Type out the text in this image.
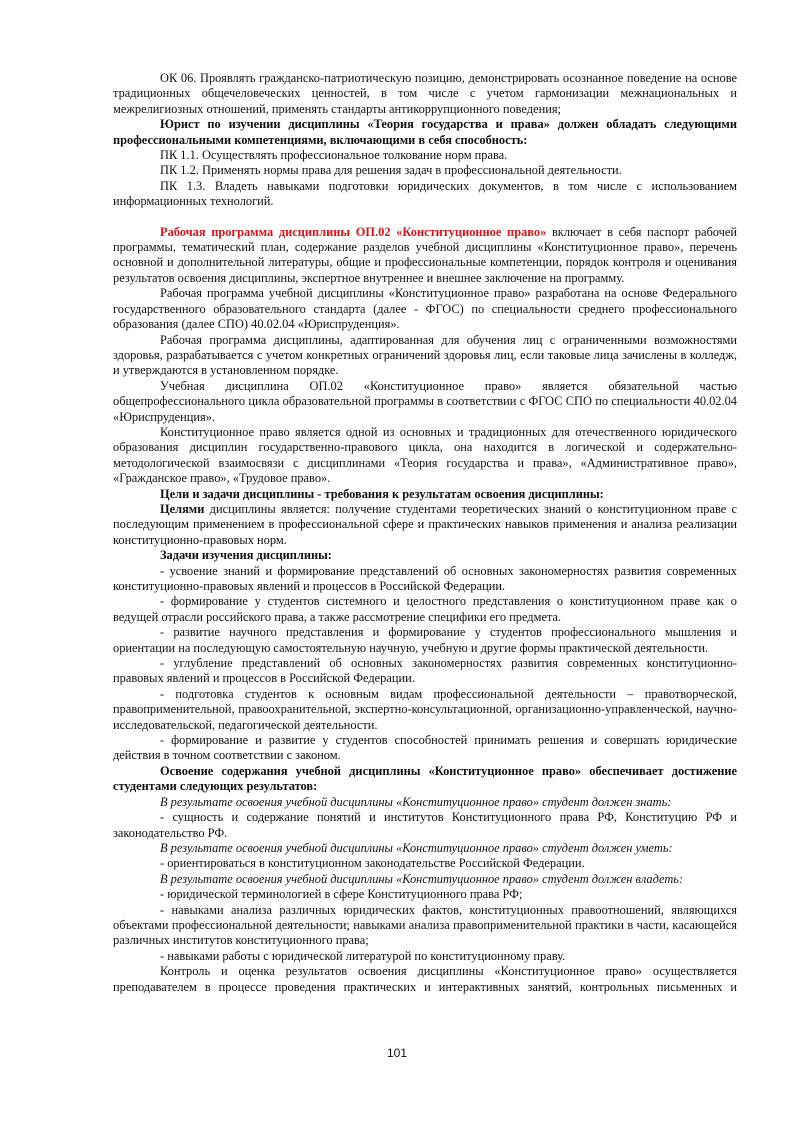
ОК 06. Проявлять гражданско-патриотическую позицию, демонстрировать осознанное поведение на основе традиционных общечеловеческих ценностей, в том числе с учетом гармонизации межнациональных и межрелигиозных отношений, применять стандарты антикоррупционного поведения;

Юрист по изучении дисциплины «Теория государства и права» должен обладать следующими профессиональными компетенциями, включающими в себя способность:

ПК 1.1. Осуществлять профессиональное толкование норм права.

ПК 1.2. Применять нормы права для решения задач в профессиональной деятельности.

ПК 1.3. Владеть навыками подготовки юридических документов, в том числе с использованием информационных технологий.

Рабочая программа дисциплины ОП.02 «Конституционное право» включает в себя паспорт рабочей программы, тематический план, содержание разделов учебной дисциплины «Конституционное право», перечень основной и дополнительной литературы, общие и профессиональные компетенции, порядок контроля и оценивания результатов освоения дисциплины, экспертное внутреннее и внешнее заключение на программу.

Рабочая программа учебной дисциплины «Конституционное право» разработана на основе Федерального государственного образовательного стандарта (далее - ФГОС) по специальности среднего профессионального образования (далее СПО) 40.02.04 «Юриспруденция».

Рабочая программа дисциплины, адаптированная для обучения лиц с ограниченными возможностями здоровья, разрабатывается с учетом конкретных ограничений здоровья лиц, если таковые лица зачислены в колледж, и утверждаются в установленном порядке.

Учебная дисциплина ОП.02 «Конституционное право» является обязательной частью общепрофессионального цикла образовательной программы в соответствии с ФГОС СПО по специальности 40.02.04 «Юриспруденция».

Конституционное право является одной из основных и традиционных для отечественного юридического образования дисциплин государственно-правового цикла, она находится в логической и содержательно-методологической взаимосвязи с дисциплинами «Теория государства и права», «Административное право», «Гражданское право», «Трудовое право».

Цели и задачи дисциплины - требования к результатам освоения дисциплины:

Целями дисциплины является: получение студентами теоретических знаний о конституционном праве с последующим применением в профессиональной сфере и практических навыков применения и анализа реализации конституционно-правовых норм.

Задачи изучения дисциплины:

- усвоение знаний и формирование представлений об основных закономерностях развития современных конституционно-правовых явлений и процессов в Российской Федерации.

- формирование у студентов системного и целостного представления о конституционном праве как о ведущей отрасли российского права, а также рассмотрение специфики его предмета.

- развитие научного представления и формирование у студентов профессионального мышления и ориентации на последующую самостоятельную научную, учебную и другие формы практической деятельности.

- углубление представлений об основных закономерностях развития современных конституционно-правовых явлений и процессов в Российской Федерации.

- подготовка студентов к основным видам профессиональной деятельности – правотворческой, правоприменительной, правоохранительной, экспертно-консультационной, организационно-управленческой, научно-исследовательской, педагогической деятельности.

- формирование и развитие у студентов способностей принимать решения и совершать юридические действия в точном соответствии с законом.

Освоение содержания учебной дисциплины «Конституционное право» обеспечивает достижение студентами следующих результатов:

В результате освоения учебной дисциплины «Конституционное право» студент должен знать:

- сущность и содержание понятий и институтов Конституционного права РФ, Конституцию РФ и законодательство РФ.

В результате освоения учебной дисциплины «Конституционное право» студент должен уметь:

- ориентироваться в конституционном законодательстве Российской Федерации.

В результате освоения учебной дисциплины «Конституционное право» студент должен владеть:

- юридической терминологией в сфере Конституционного права РФ;

- навыками анализа различных юридических фактов, конституционных правоотношений, являющихся объектами профессиональной деятельности; навыками анализа правоприменительной практики в части, касающейся различных институтов конституционного права;

- навыками работы с юридической литературой по конституционному праву.

Контроль и оценка результатов освоения дисциплины «Конституционное право» осуществляется преподавателем в процессе проведения практических и интерактивных занятий, контрольных письменных и

101
